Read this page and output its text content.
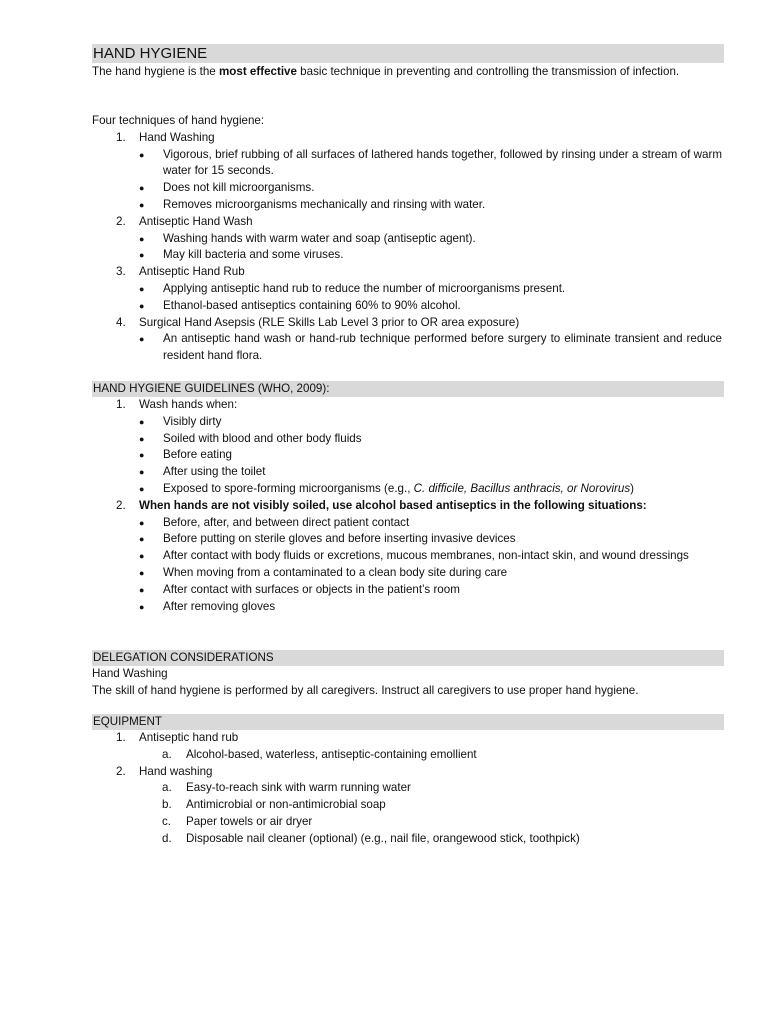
HAND HYGIENE

The hand hygiene is the most effective basic technique in preventing and controlling the transmission of infection.

Four techniques of hand hygiene:

1. Hand Washing
● Vigorous, brief rubbing of all surfaces of lathered hands together, followed by rinsing under a stream of warm water for 15 seconds.

● Does not kill microorganisms.

● Removes microorganisms mechanically and rinsing with water.

2. Antiseptic Hand Wash
● Washing hands with warm water and soap (antiseptic agent).

● May kill bacteria and some viruses.

3. Antiseptic Hand Rub
● Applying antiseptic hand rub to reduce the number of microorganisms present.

● Ethanol-based antiseptics containing 60% to 90% alcohol.

4. Surgical Hand Asepsis (RLE Skills Lab Level 3 prior to OR area exposure)
● An antiseptic hand wash or hand-rub technique performed before surgery to eliminate transient and reduce resident hand flora.

HAND HYGIENE GUIDELINES (WHO, 2009):
1. Wash hands when:
● Visibly dirty

● Soiled with blood and other body fluids

● Before eating

● After using the toilet

● Exposed to spore-forming microorganisms (e.g., C. difficile, Bacillus anthracis, or Norovirus)

2. When hands are not visibly soiled, use alcohol based antiseptics in the following situations:
● Before, after, and between direct patient contact

● Before putting on sterile gloves and before inserting invasive devices

● After contact with body fluids or excretions, mucous membranes, non-intact skin, and wound dressings

● When moving from a contaminated to a clean body site during care

● After contact with surfaces or objects in the patient’s room

● After removing gloves

DELEGATION CONSIDERATIONS

Hand Washing

The skill of hand hygiene is performed by all caregivers. Instruct all caregivers to use proper hand hygiene.

EQUIPMENT
1. Antiseptic hand rub
a. Alcohol-based, waterless, antiseptic-containing emollient
2. Hand washing
a. Easy-to-reach sink with warm running water
b. Antimicrobial or non-antimicrobial soap
c. Paper towels or air dryer
d. Disposable nail cleaner (optional) (e.g., nail file, orangewood stick, toothpick)
